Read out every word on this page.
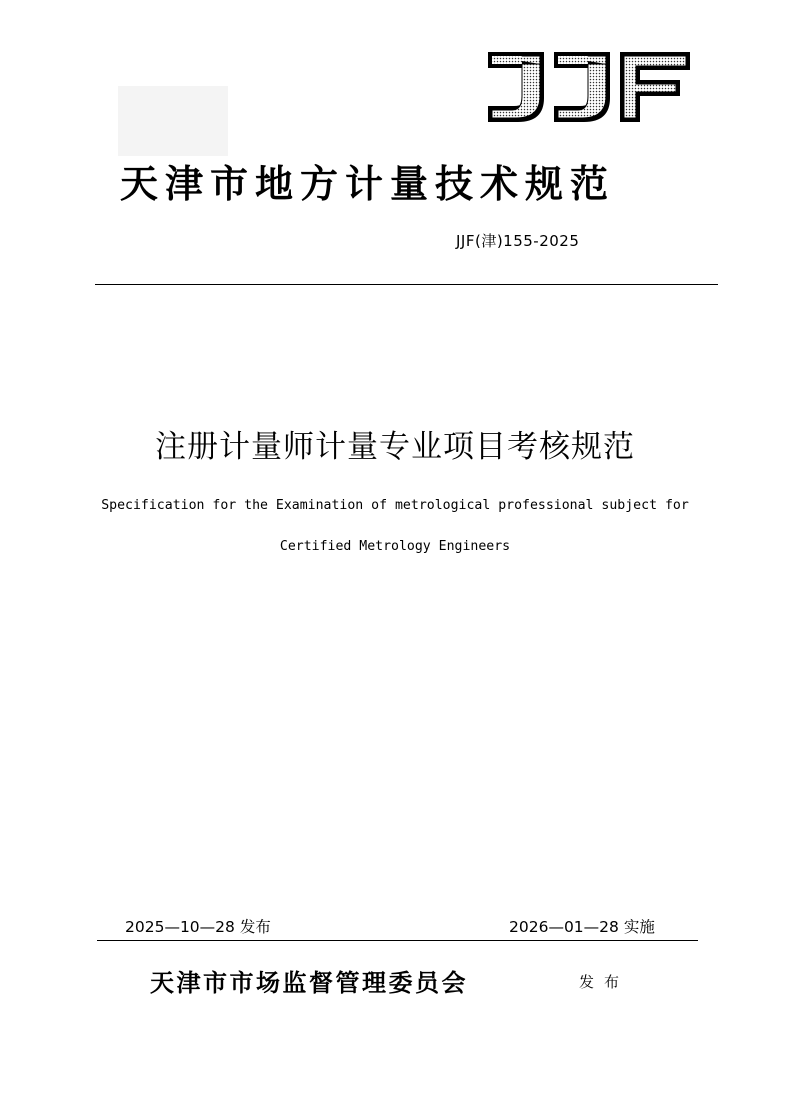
天津市地方计量技术规范
JJF(津)155-2025
注册计量师计量专业项目考核规范
Specification for the Examination of metrological professional subject for
Certified Metrology Engineers
2025—10—28 发布	2026—01—28 实施
天津市市场监督管理委员会	发布
